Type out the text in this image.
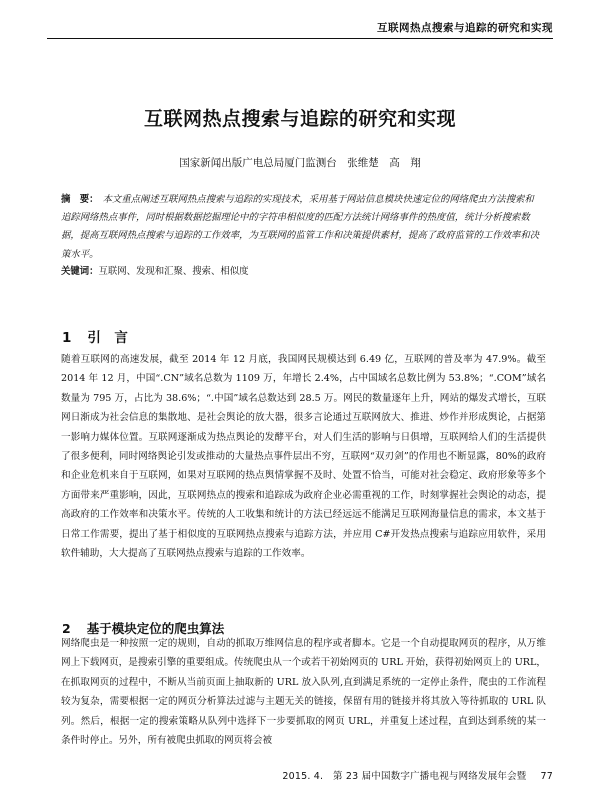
互联网热点搜索与追踪的研究和实现
互联网热点搜索与追踪的研究和实现
国家新闻出版广电总局厦门监测台　张维楚　高　翔
摘　要： 本文重点阐述互联网热点搜索与追踪的实现技术，采用基于网站信息模块快速定位的网络爬虫方法搜索和追踪网络热点事件，同时根据数据挖掘理论中的字符串相似度的匹配方法统计网络事件的热度值，统计分析搜索数据，提高互联网热点搜索与追踪的工作效率，为互联网的监管工作和决策提供素材，提高了政府监管的工作效率和决策水平。
关键词：互联网、发现和汇聚、搜索、相似度
1 引　言
随着互联网的高速发展，截至 2014 年 12 月底，我国网民规模达到 6.49 亿，互联网的普及率为 47.9%。截至 2014 年 12 月，中国“.CN”域名总数为 1109 万，年增长 2.4%，占中国域名总数比例为 53.8%；“.COM”域名数量为 795 万，占比为 38.6%；“.中国”域名总数达到 28.5 万。网民的数量逐年上升，网站的爆发式增长，互联网日渐成为社会信息的集散地、是社会舆论的放大器，很多言论通过互联网放大、推进、炒作并形成舆论，占据第一影响力媒体位置。互联网逐渐成为热点舆论的发酵平台，对人们生活的影响与日俱增，互联网给人们的生活提供了很多便利，同时网络舆论引发或推动的大量热点事件层出不穷，互联网“双刃剑”的作用也不断显露，80%的政府和企业危机来自于互联网，如果对互联网的热点舆情掌握不及时、处置不恰当，可能对社会稳定、政府形象等多个方面带来严重影响，因此，互联网热点的搜索和追踪成为政府企业必需重视的工作，时刻掌握社会舆论的动态，提高政府的工作效率和决策水平。传统的人工收集和统计的方法已经远远不能满足互联网海量信息的需求，本文基于日常工作需要，提出了基于相似度的互联网热点搜索与追踪方法，并应用 C#开发热点搜索与追踪应用软件，采用软件辅助，大大提高了互联网热点搜索与追踪的工作效率。
2 基于模块定位的爬虫算法
网络爬虫是一种按照一定的规则，自动的抓取万维网信息的程序或者脚本。它是一个自动提取网页的程序，从万维网上下载网页，是搜索引擎的重要组成。传统爬虫从一个或若干初始网页的 URL 开始，获得初始网页上的 URL，在抓取网页的过程中，不断从当前页面上抽取新的 URL 放入队列,直到满足系统的一定停止条件，爬虫的工作流程较为复杂，需要根据一定的网页分析算法过滤与主题无关的链接，保留有用的链接并将其放入等待抓取的 URL 队列。然后，根据一定的搜索策略从队列中选择下一步要抓取的网页 URL，并重复上述过程，直到达到系统的某一条件时停止。另外，所有被爬虫抓取的网页将会被
2015. 4.　第 23 届中国数字广播电视与网络发展年会暨 77
